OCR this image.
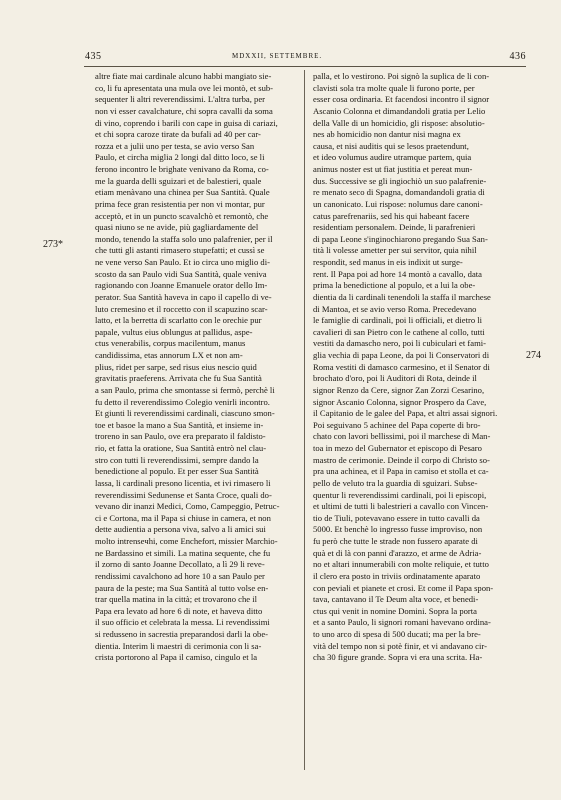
435	MDXXII, SETTEMBRE.	436
273*
274

altre fiate mai cardinale alcuno habbi mangiato sie-

co, li fu apresentata una mula ove lei montò, et sub-

sequenter li altri reverendissimi. L'altra turba, per

non vi esser cavalchature, chi sopra cavalli da soma

di vino, coprendo i barili con cape in guisa di cariazi,

et chi sopra caroze tirate da bufali ad 40 per car-

rozza et a julii uno per testa, se avio verso San

Paulo, et circha miglia 2 longi dal ditto loco, se li

ferono incontro le brighate venivano da Roma, co-

me la guarda delli sguizari et de balestieri, quale

etiam menàvano una chinea per Sua Santità. Quale

prima fece gran resistentia per non vi montar, pur

acceptò, et in un puncto scavalchò et remontò, che

quasi niuno se ne avide, più gagliardamente del

mondo, tenendo la staffa solo uno palafrenier, per il

che tutti gli astanti rimasero stupefatti; et cussì se

ne vene verso San Paulo. Et io circa uno miglio di-

scosto da san Paulo vidi Sua Santità, quale veniva

ragionando con Joanne Emanuele orator dello Im-

perator. Sua Santità haveva in capo il capello di ve-

luto cremesino et il roccetto con il scapuzino scar-

latto, et la berretta di scarlatto con le orechie pur

papale, vultus eius oblungus at pallidus, aspe-

ctus venerabilis, corpus macilentum, manus

candidissima, etas annorum LX et non am-

plius, ridet per sarpe, sed risus eius nescio quid

gravitatis praeferens. Arrivata che fu Sua Santità

a san Paulo, prima che smontasse si fermò, perchè li

fu detto il reverendissimo Colegio venirli incontro.

Et giunti li reverendissimi cardinali, ciascuno smon-

toe et basoe la mano a Sua Santità, et insieme in-

troreno in san Paulo, ove era preparato il faldisto-

rio, et fatta la oratione, Sua Santità entrò nel clau-

stro con tutti li reverendissimi, sempre dando la

benedictione al populo. Et per esser Sua Santità

lassa, li cardinali presono licentia, et ivi rimasero li

reverendissimi Sedunense et Santa Croce, quali do-

vevano dir inanzi Medici, Como, Campeggio, Petruc-

ci e Cortona, ma il Papa si chiuse in camera, et non

dette audientia a persona viva, salvo a li amici sui

molto intrenseчhi, come Enchefort, missier Marchio-

ne Bardassino et simili. La matina sequente, che fu

il zorno di santo Joanne Decollato, a lì 29 li reve-

rendissimi cavalchono ad hore 10 a san Paulo per

paura de la peste; ma Sua Santità al tutto volse en-

trar quella matina in la città; et trovarono che il

Papa era levato ad hore 6 di note, et haveva ditto

il suo officio et celebrata la messa. Li revendissimi

si redusseno in sacrestia preparandosi darli la obe-

dientia. Interim li maestri di cerimonia con li sa-

crista portorono al Papa il camiso, cingulo et la

palla, et lo vestirono. Poi signò la suplica de li con-

clavisti sola tra molte quale li furono porte, per

esser cosa ordinaria. Et facendosi incontro il signor

Ascanio Colonna et dimandandoli gratia per Lelio

della Valle di un homicidio, gli rispose: absolutio-

nes ab homicidio non dantur nisi magna ex

causa, et nisi auditis qui se lesos praetendunt,

et ideo volumus audire utramque partem, quia

animus noster est ut fiat justitia et pereat mun-

dus. Successive se gli ingiochiò un suo palafrenie-

re menato seco di Spagna, domandandoli gratia di

un canonicato. Lui rispose: nolumus dare canoni-

catus parefrenariis, sed his qui habeant facere

residentiam personalem. Deinde, li parafrenieri

di papa Leone s'inginochiarono pregando Sua San-

tità li volesse ametter per sui servitor, quia nihil

respondit, sed manus in eis indixit ut surge-

rent. Il Papa poi ad hore 14 montò a cavallo, data

prima la benedictione al populo, et a lui la obe-

dientia da li cardinali tenendoli la staffa il marchese

di Mantoa, et se avio verso Roma. Precedevano

le famiglie di cardinali, poi li officiali, et dietro li

cavalieri di san Pietro con le cathene al collo, tutti

vestiti da damascho nero, poi li cubiculari et fami-

glia vechia di papa Leone, da poi li Conservatori di

Roma vestiti di damasco carmesino, et il Senator di

brochato d'oro, poi li Auditori di Rota, deinde il

signor Renzo da Cere, signor Zan Zorzi Cesarino,

signor Ascanio Colonna, signor Prospero da Cave,

il Capitanio de le galee del Papa, et altri assai signori.

Poi seguivano 5 achinee del Papa coperte di bro-

chato con lavori bellissimi, poi il marchese di Man-

toa in mezo del Gubernator et episcopo di Pesaro

mastro de cerimonie. Deinde il corpo di Christo so-

pra una achinea, et il Papa in camiso et stolla et ca-

pello de veluto tra la guardia di sguizari. Subse-

quentur li reverendissimi cardinali, poi li episcopi,

et ultimi de tutti li balestrieri a cavallo con Vincen-

tio de Tiuli, potevavano essere in tutto cavalli da

5000. Et benchè lo ingresso fusse improviso, non

fu però che tutte le strade non fussero aparate di

quà et di là con panni d'arazzo, et arme de Adria-

no et altari innumerabili con molte reliquie, et tutto

il clero era posto in triviis ordinatamente aparato

con peviali et pianete et crosi. Et come il Papa spon-

tava, cantavano il Te Deum alta voce, et benedi-

ctus qui venit in nomine Domini. Sopra la porta

et a santo Paulo, li signori romani havevano ordina-

to uno arco di spesa di 500 ducati; ma per la bre-

vità del tempo non si potè finir, et vi andavano cir-

cha 30 figure grande. Sopra vi era una scrita. Ha-
